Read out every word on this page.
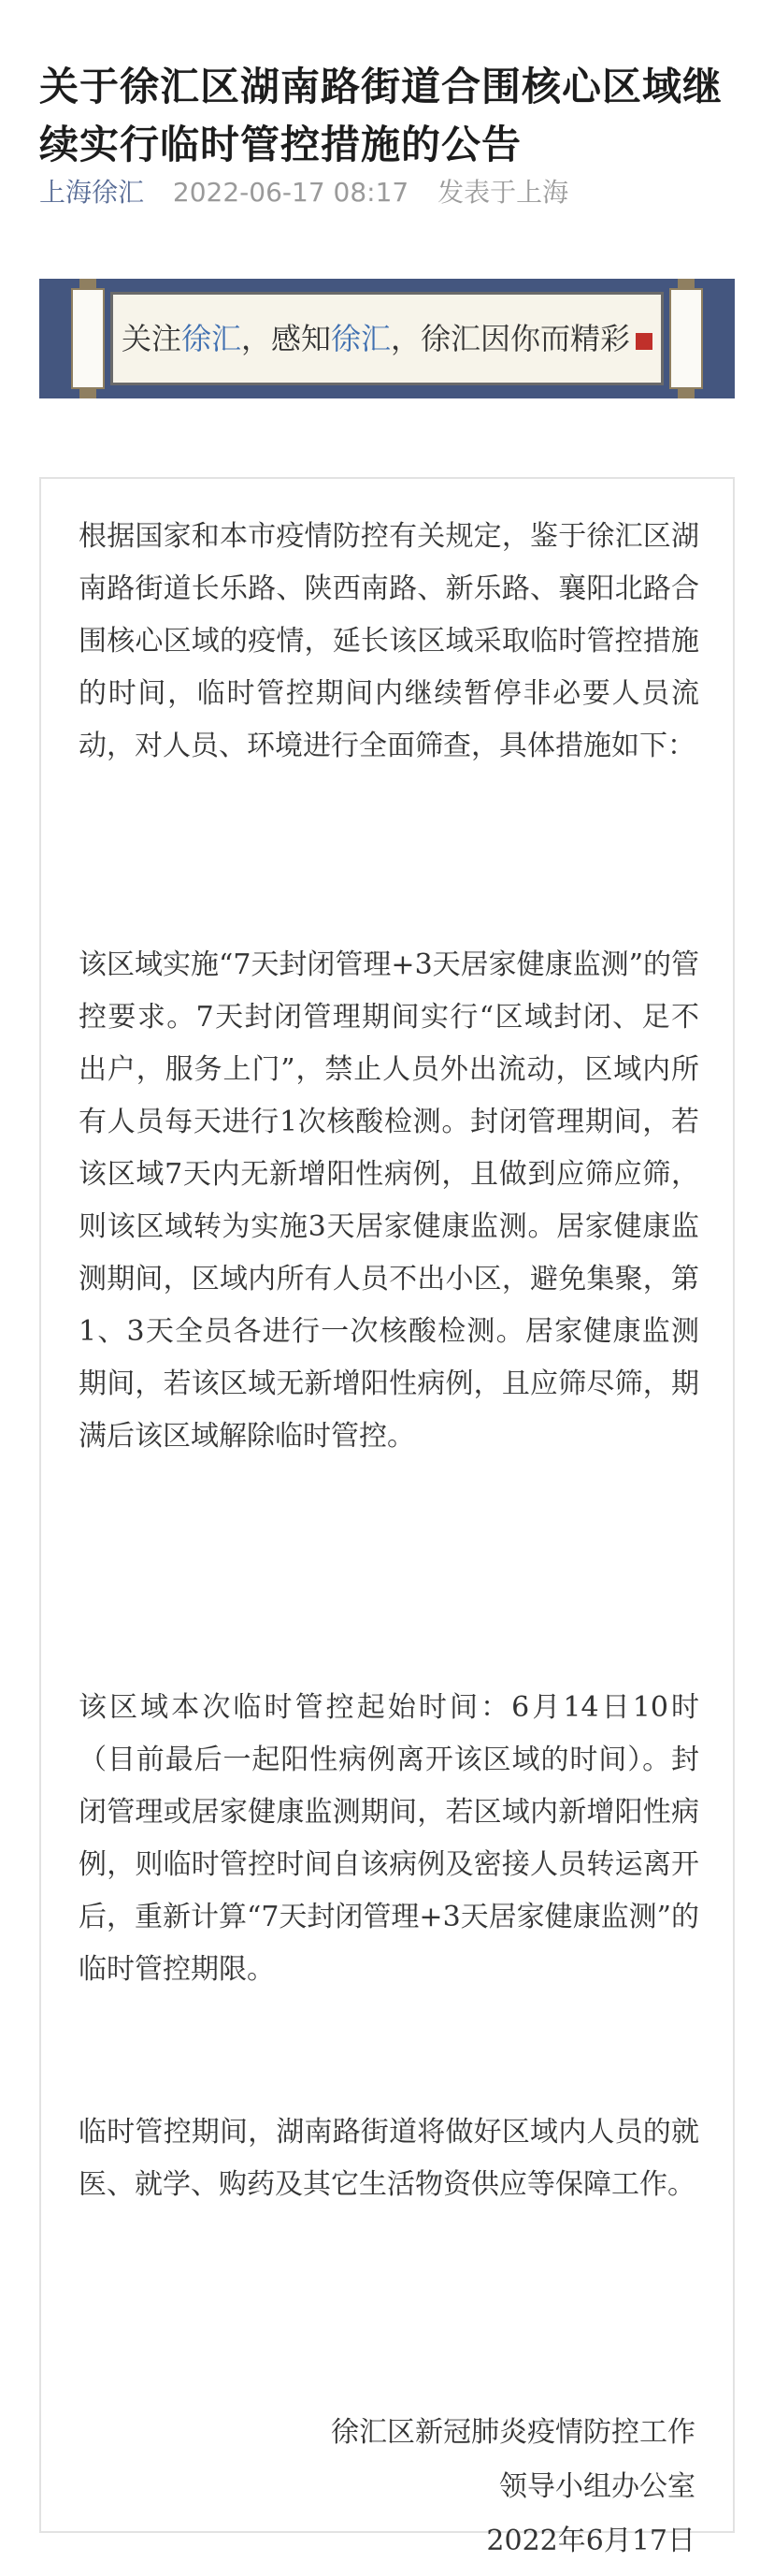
关于徐汇区湖南路街道合围核心区域继续实行临时管控措施的公告
上海徐汇 2022-06-17 08:17 发表于上海
关注徐汇，感知徐汇，徐汇因你而精彩

根据国家和本市疫情防控有关规定，鉴于徐汇区湖南路街道长乐路、陕西南路、新乐路、襄阳北路合围核心区域的疫情，延长该区域采取临时管控措施的时间，临时管控期间内继续暂停非必要人员流动，对人员、环境进行全面筛查，具体措施如下：

该区域实施“7天封闭管理+3天居家健康监测”的管控要求。7天封闭管理期间实行“区域封闭、足不出户，服务上门”，禁止人员外出流动，区域内所有人员每天进行1次核酸检测。封闭管理期间，若该区域7天内无新增阳性病例，且做到应筛应筛，则该区域转为实施3天居家健康监测。居家健康监测期间，区域内所有人员不出小区，避免集聚，第1、3天全员各进行一次核酸检测。居家健康监测期间，若该区域无新增阳性病例，且应筛尽筛，期满后该区域解除临时管控。

该区域本次临时管控起始时间：6月14日10时（目前最后一起阳性病例离开该区域的时间）。封闭管理或居家健康监测期间，若区域内新增阳性病例，则临时管控时间自该病例及密接人员转运离开后，重新计算“7天封闭管理+3天居家健康监测”的临时管控期限。

临时管控期间，湖南路街道将做好区域内人员的就医、就学、购药及其它生活物资供应等保障工作。

徐汇区新冠肺炎疫情防控工作
领导小组办公室
2022年6月17日
